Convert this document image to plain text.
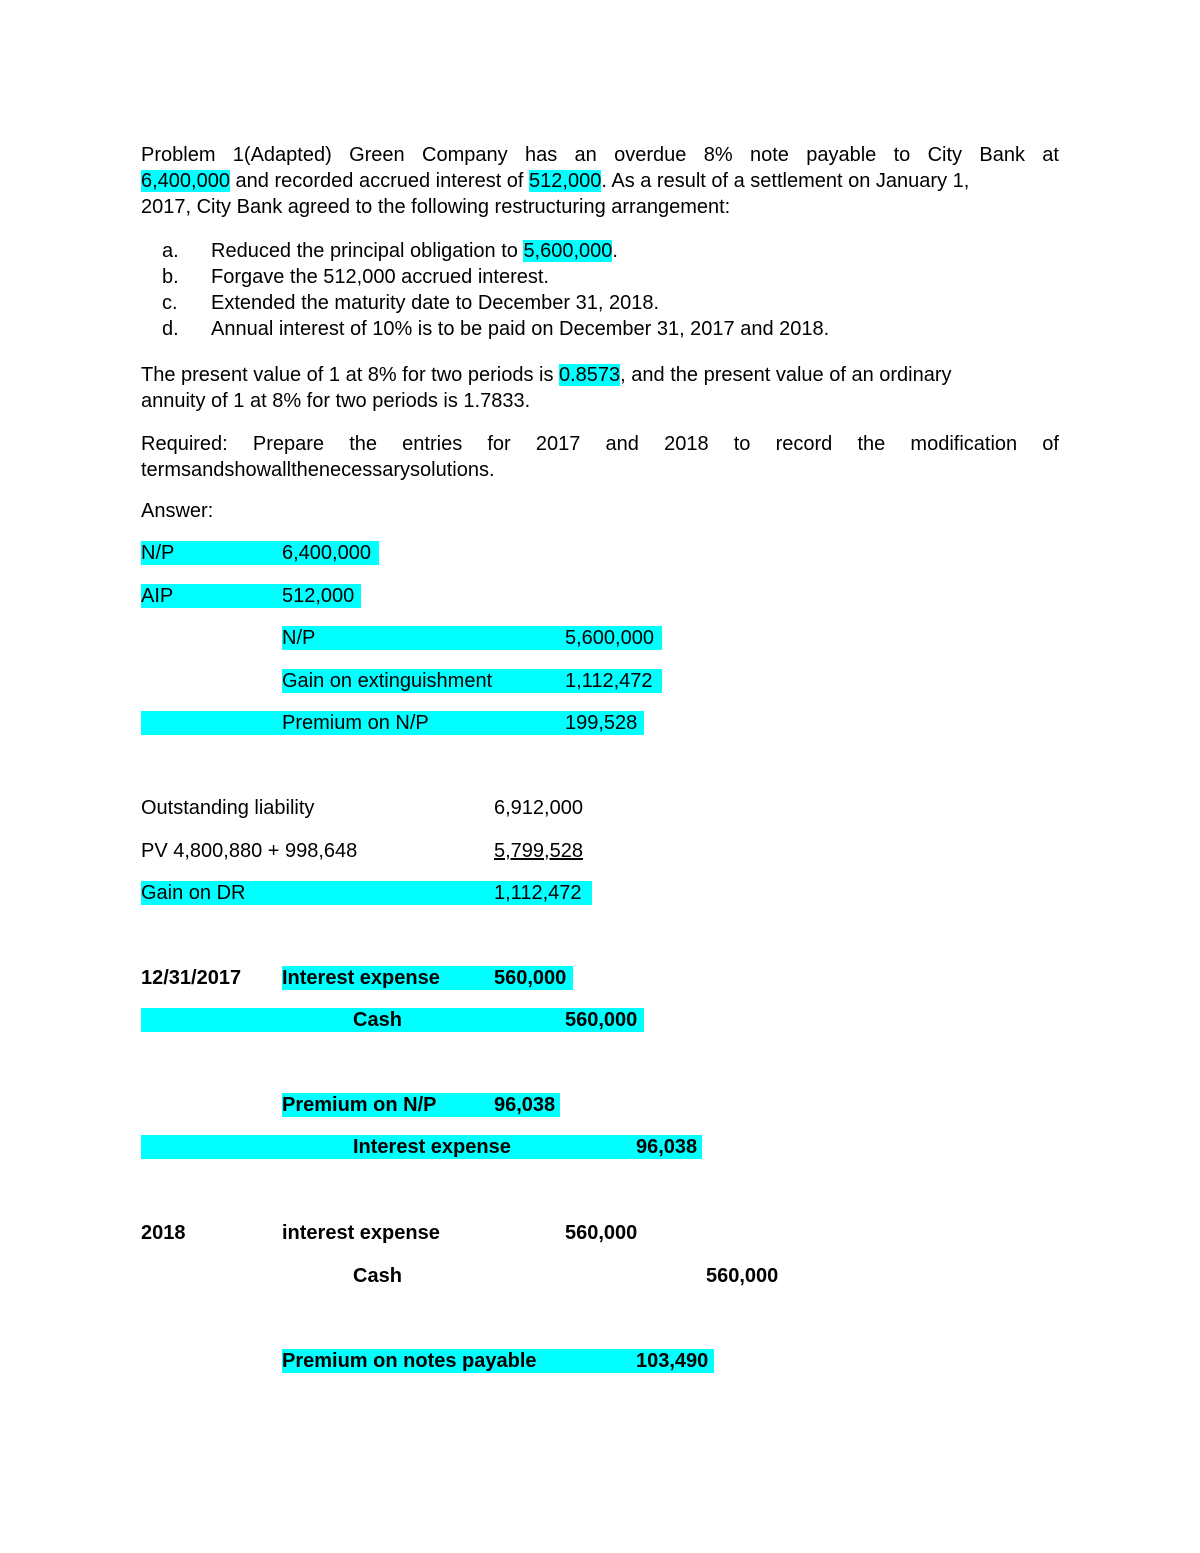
Problem 1(Adapted) Green Company has an overdue 8% note payable to City Bank at
6,400,000 and recorded accrued interest of 512,000. As a result of a settlement on January 1,
2017, City Bank agreed to the following restructuring arrangement:
a. Reduced the principal obligation to 5,600,000.
b. Forgave the 512,000 accrued interest.
c. Extended the maturity date to December 31, 2018.
d. Annual interest of 10% is to be paid on December 31, 2017 and 2018.
The present value of 1 at 8% for two periods is 0.8573, and the present value of an ordinary
annuity of 1 at 8% for two periods is 1.7833.
Required: Prepare the entries for 2017 and 2018 to record the modification of
termsandshowallthenecessarysolutions.
Answer:
N/P	6,400,000
AIP	512,000
N/P	5,600,000
Gain on extinguishment	1,112,472
Premium on N/P	199,528
Outstanding liability	6,912,000
PV 4,800,880 + 998,648	5,799,528
Gain on DR	1,112,472
12/31/2017 Interest expense	560,000
Cash	560,000
Premium on N/P	96,038
Interest expense	96,038
2018	interest expense	560,000
Cash	560,000
Premium on notes payable	103,490
